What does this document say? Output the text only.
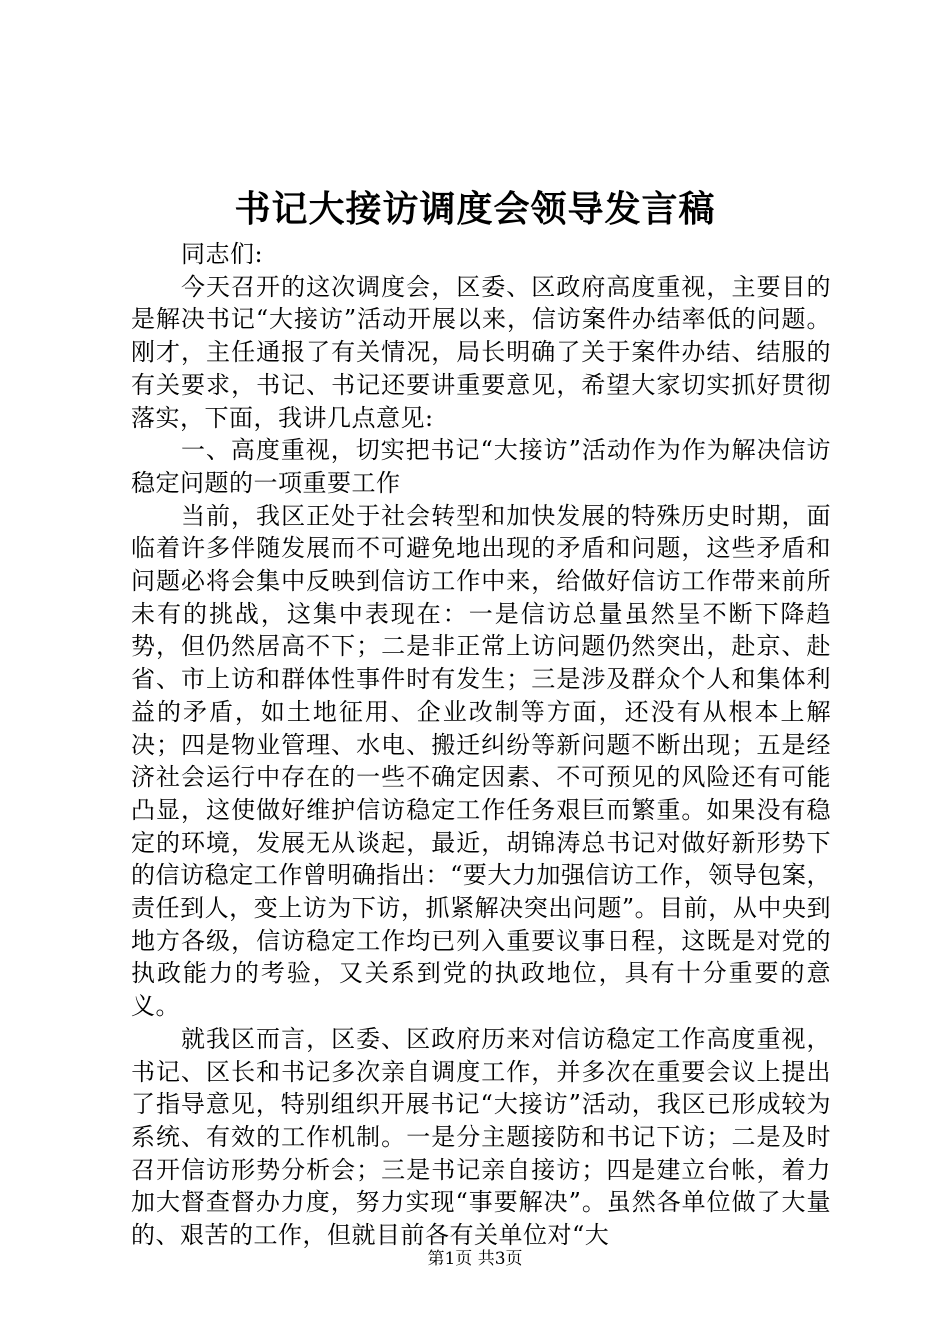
书记大接访调度会领导发言稿

同志们:

今天召开的这次调度会，区委、区政府高度重视，主要目的是解决书记“大接访”活动开展以来，信访案件办结率低的问题。刚才，主任通报了有关情况，局长明确了关于案件办结、结服的有关要求，书记、书记还要讲重要意见，希望大家切实抓好贯彻落实，下面，我讲几点意见:

一、高度重视，切实把书记“大接访”活动作为作为解决信访稳定问题的一项重要工作

当前，我区正处于社会转型和加快发展的特殊历史时期，面临着许多伴随发展而不可避免地出现的矛盾和问题，这些矛盾和问题必将会集中反映到信访工作中来，给做好信访工作带来前所未有的挑战，这集中表现在：一是信访总量虽然呈不断下降趋势，但仍然居高不下；二是非正常上访问题仍然突出，赴京、赴省、市上访和群体性事件时有发生；三是涉及群众个人和集体利益的矛盾，如土地征用、企业改制等方面，还没有从根本上解决；四是物业管理、水电、搬迁纠纷等新问题不断出现；五是经济社会运行中存在的一些不确定因素、不可预见的风险还有可能凸显，这使做好维护信访稳定工作任务艰巨而繁重。如果没有稳定的环境，发展无从谈起，最近，胡锦涛总书记对做好新形势下的信访稳定工作曾明确指出：“要大力加强信访工作，领导包案，责任到人，变上访为下访，抓紧解决突出问题”。目前，从中央到地方各级，信访稳定工作均已列入重要议事日程，这既是对党的执政能力的考验，又关系到党的执政地位，具有十分重要的意义。

就我区而言，区委、区政府历来对信访稳定工作高度重视，书记、区长和书记多次亲自调度工作，并多次在重要会议上提出了指导意见，特别组织开展书记“大接访”活动，我区已形成较为系统、有效的工作机制。一是分主题接防和书记下访；二是及时召开信访形势分析会；三是书记亲自接访；四是建立台帐，着力加大督查督办力度，努力实现“事要解决”。虽然各单位做了大量的、艰苦的工作，但就目前各有关单位对“大

第1页 共3页
